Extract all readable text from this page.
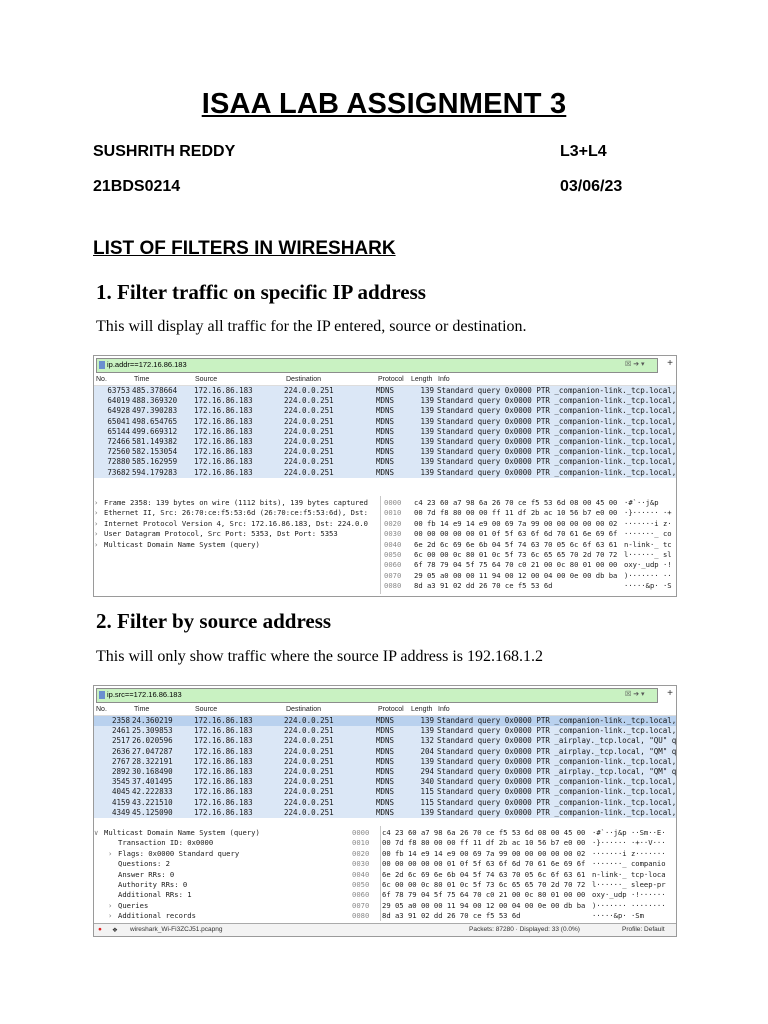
ISAA LAB ASSIGNMENT 3
SUSHRITH REDDY	L3+L4
21BDS0214	03/06/23
LIST OF FILTERS IN WIRESHARK
1. Filter traffic on specific IP address
This will display all traffic for the IP entered, source or destination.
ip.addr==172.16.86.183	☒ ➔ ▾	+
No.	Time	Source	Destination	Protocol Length Info
63753 485.378664 172.16.86.183	224.0.0.251	MDNS	139 Standard query 0x0000 PTR _companion-link._tcp.local,
64019 488.369320 172.16.86.183	224.0.0.251	MDNS	139 Standard query 0x0000 PTR _companion-link._tcp.local,
64928 497.390283 172.16.86.183	224.0.0.251	MDNS	139 Standard query 0x0000 PTR _companion-link._tcp.local,
65041 498.654765 172.16.86.183	224.0.0.251	MDNS	139 Standard query 0x0000 PTR _companion-link._tcp.local,
65144 499.669312 172.16.86.183	224.0.0.251	MDNS	139 Standard query 0x0000 PTR _companion-link._tcp.local,
72466 581.149382 172.16.86.183	224.0.0.251	MDNS	139 Standard query 0x0000 PTR _companion-link._tcp.local,
72560 582.153054 172.16.86.183	224.0.0.251	MDNS	139 Standard query 0x0000 PTR _companion-link._tcp.local,
72880 585.162959 172.16.86.183	224.0.0.251	MDNS	139 Standard query 0x0000 PTR _companion-link._tcp.local,
73682 594.179283 172.16.86.183	224.0.0.251	MDNS	139 Standard query 0x0000 PTR _companion-link._tcp.local,
› Frame 2358: 139 bytes on wire (1112 bits), 139 bytes captured
› Ethernet II, Src: 26:70:ce:f5:53:6d (26:70:ce:f5:53:6d), Dst:
› Internet Protocol Version 4, Src: 172.16.86.183, Dst: 224.0.0
› User Datagram Protocol, Src Port: 5353, Dst Port: 5353
› Multicast Domain Name System (query)
0000 c4 23 60 a7 98 6a 26 70 ce f5 53 6d 08 00 45 00 ·#`··j&p
0010 00 7d f8 80 00 00 ff 11 df 2b ac 10 56 b7 e0 00 ·}······ ·+
0020 00 fb 14 e9 14 e9 00 69 7a 99 00 00 00 00 00 02 ·······i z·
0030 00 00 00 00 00 01 0f 5f 63 6f 6d 70 61 6e 69 6f ·······_ co
0040 6e 2d 6c 69 6e 6b 04 5f 74 63 70 05 6c 6f 63 61 n-link·_ tc
0050 6c 00 00 0c 80 01 0c 5f 73 6c 65 65 70 2d 70 72 l······_ sl
0060 6f 78 79 04 5f 75 64 70 c0 21 00 0c 80 01 00 00 oxy·_udp ·!
0070 29 05 a0 00 00 11 94 00 12 00 04 00 0e 00 db ba )······· ··
0080 8d a3 91 02 dd 26 70 ce f5 53 6d	·····&p· ·S
2. Filter by source address
This will only show traffic where the source IP address is 192.168.1.2
ip.src==172.16.86.183	☒ ➔ ▾	+
No.	Time	Source	Destination	Protocol Length Info
2358 24.360219	172.16.86.183	224.0.0.251	MDNS	139 Standard query 0x0000 PTR _companion-link._tcp.local,
2461 25.309853	172.16.86.183	224.0.0.251	MDNS	139 Standard query 0x0000 PTR _companion-link._tcp.local,
2517 26.020596	172.16.86.183	224.0.0.251	MDNS	132 Standard query 0x0000 PTR _airplay._tcp.local, "QU" q
2636 27.047287	172.16.86.183	224.0.0.251	MDNS	204 Standard query 0x0000 PTR _airplay._tcp.local, "QM" q
2767 28.322191	172.16.86.183	224.0.0.251	MDNS	139 Standard query 0x0000 PTR _companion-link._tcp.local,
2892 30.168490	172.16.86.183	224.0.0.251	MDNS	294 Standard query 0x0000 PTR _airplay._tcp.local, "QM" q
3545 37.401495	172.16.86.183	224.0.0.251	MDNS	340 Standard query 0x0000 PTR _companion-link._tcp.local,
4045 42.222833	172.16.86.183	224.0.0.251	MDNS	115 Standard query 0x0000 PTR _companion-link._tcp.local,
4159 43.221510	172.16.86.183	224.0.0.251	MDNS	115 Standard query 0x0000 PTR _companion-link._tcp.local,
4349 45.125090	172.16.86.183	224.0.0.251	MDNS	139 Standard query 0x0000 PTR _companion-link._tcp.local,
∨ Multicast Domain Name System (query)
Transaction ID: 0x0000
› Flags: 0x0000 Standard query
Questions: 2
Answer RRs: 0
Authority RRs: 0
Additional RRs: 1
› Queries
› Additional records
0000 c4 23 60 a7 98 6a 26 70 ce f5 53 6d 08 00 45 00 ·#`··j&p ··Sm··E·
0010 00 7d f8 80 00 00 ff 11 df 2b ac 10 56 b7 e0 00 ·}······ ·+··V···
0020 00 fb 14 e9 14 e9 00 69 7a 99 00 00 00 00 00 02 ·······i z·······
0030 00 00 00 00 00 01 0f 5f 63 6f 6d 70 61 6e 69 6f ·······_ companio
0040 6e 2d 6c 69 6e 6b 04 5f 74 63 70 05 6c 6f 63 61 n-link·_ tcp·loca
0050 6c 00 00 0c 80 01 0c 5f 73 6c 65 65 70 2d 70 72 l······_ sleep-pr
0060 6f 78 79 04 5f 75 64 70 c0 21 00 0c 80 01 00 00 oxy·_udp ·!······
0070 29 05 a0 00 00 11 94 00 12 00 04 00 0e 00 db ba )······· ········
0080 8d a3 91 02 dd 26 70 ce f5 53 6d	·····&p· ·Sm
● ❖ wireshark_Wi-Fi3ZCJ51.pcapng	Packets: 87280 · Displayed: 33 (0.0%)	Profile: Default
